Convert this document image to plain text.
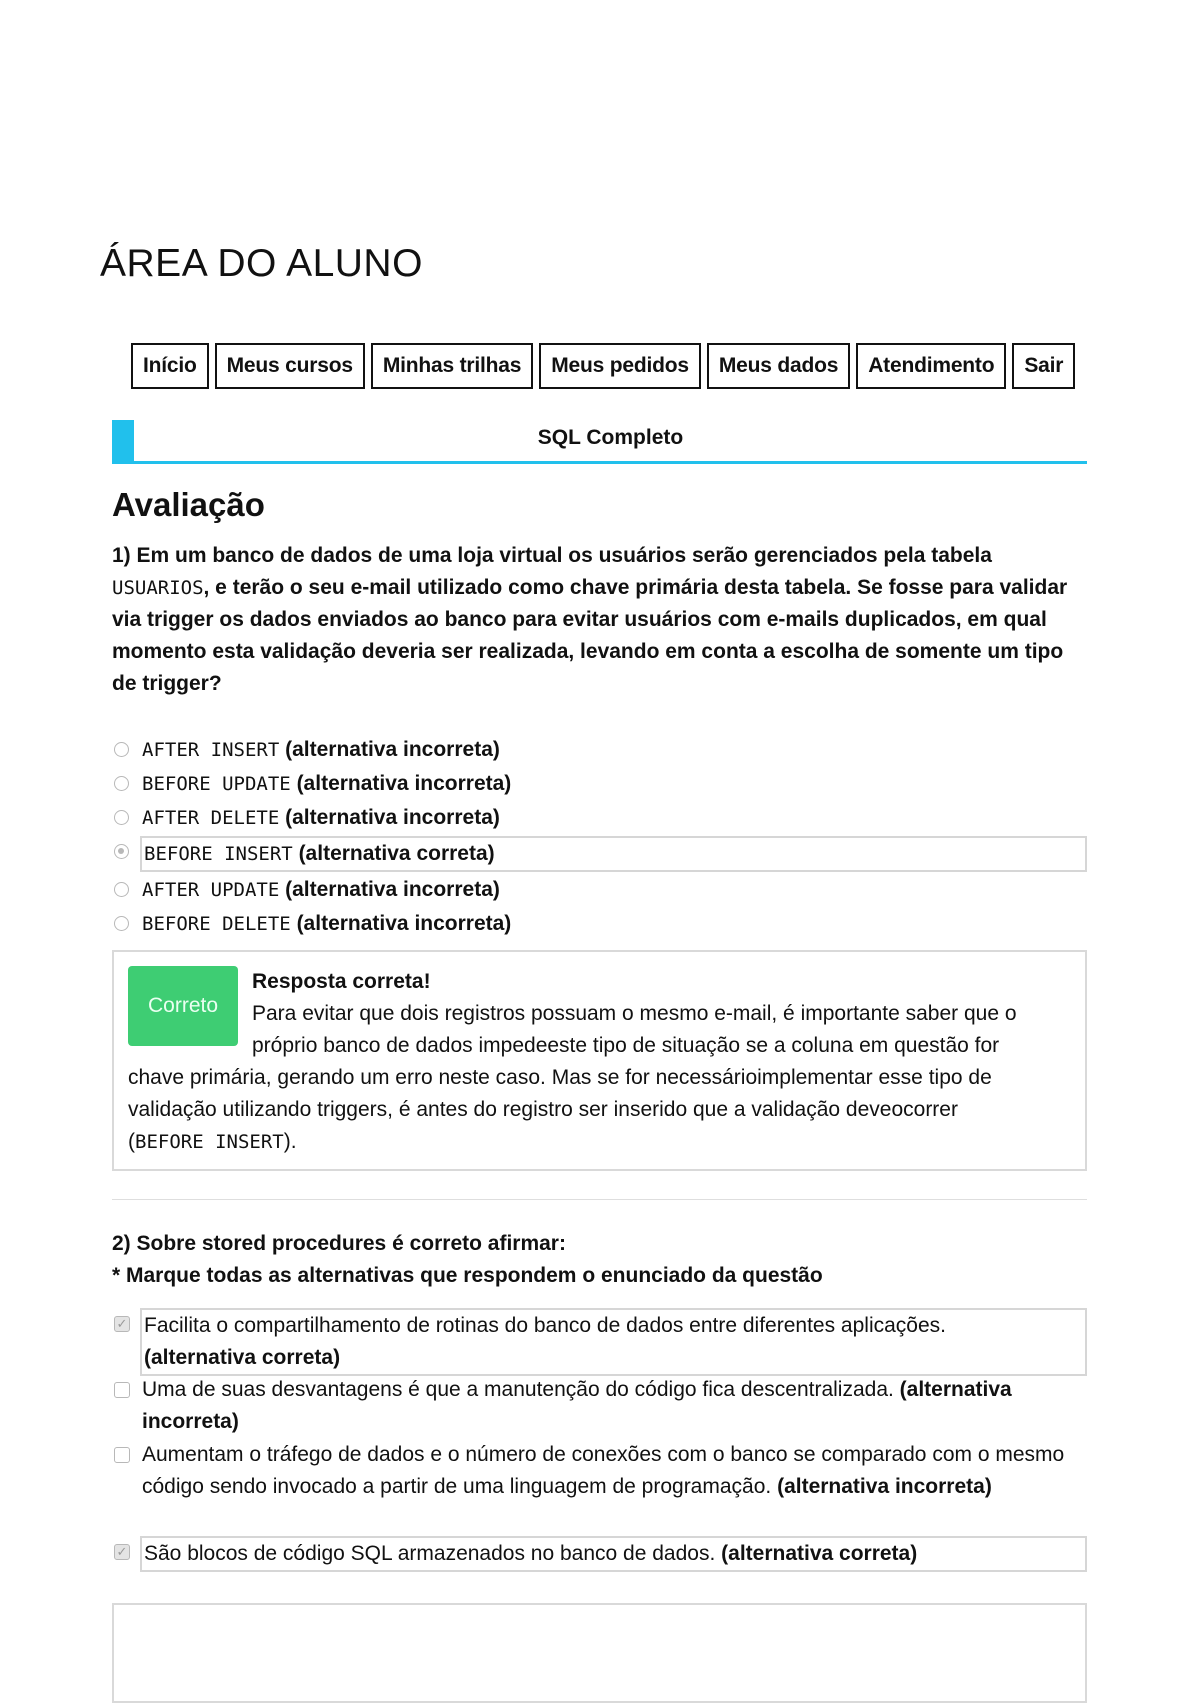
ÁREA DO ALUNO
Início	Meus cursos	Minhas trilhas	Meus pedidos	Meus dados	Atendimento	Sair
SQL Completo
Avaliação

1) Em um banco de dados de uma loja virtual os usuários serão gerenciados pela tabela
USUARIOS, e terão o seu e-mail utilizado como chave primária desta tabela. Se fosse para validar
via trigger os dados enviados ao banco para evitar usuários com e-mails duplicados, em qual
momento esta validação deveria ser realizada, levando em conta a escolha de somente um tipo
de trigger?

AFTER INSERT (alternativa incorreta)
BEFORE UPDATE (alternativa incorreta)
AFTER DELETE (alternativa incorreta)
BEFORE INSERT (alternativa correta)
AFTER UPDATE (alternativa incorreta)
BEFORE DELETE (alternativa incorreta)
Correto
Resposta correta!
Para evitar que dois registros possuam o mesmo e-mail, é importante saber que o
próprio banco de dados impedeeste tipo de situação se a coluna em questão for
chave primária, gerando um erro neste caso. Mas se for necessárioimplementar esse tipo de
validação utilizando triggers, é antes do registro ser inserido que a validação deveocorrer
(BEFORE INSERT).

2) Sobre stored procedures é correto afirmar:
* Marque todas as alternativas que respondem o enunciado da questão

✓ Facilita o compartilhamento de rotinas do banco de dados entre diferentes aplicações.
(alternativa correta)
Uma de suas desvantagens é que a manutenção do código fica descentralizada. (alternativa incorreta)
Aumentam o tráfego de dados e o número de conexões com o banco se comparado com o mesmo código sendo invocado a partir de uma linguagem de programação. (alternativa incorreta)
✓ São blocos de código SQL armazenados no banco de dados. (alternativa correta)
